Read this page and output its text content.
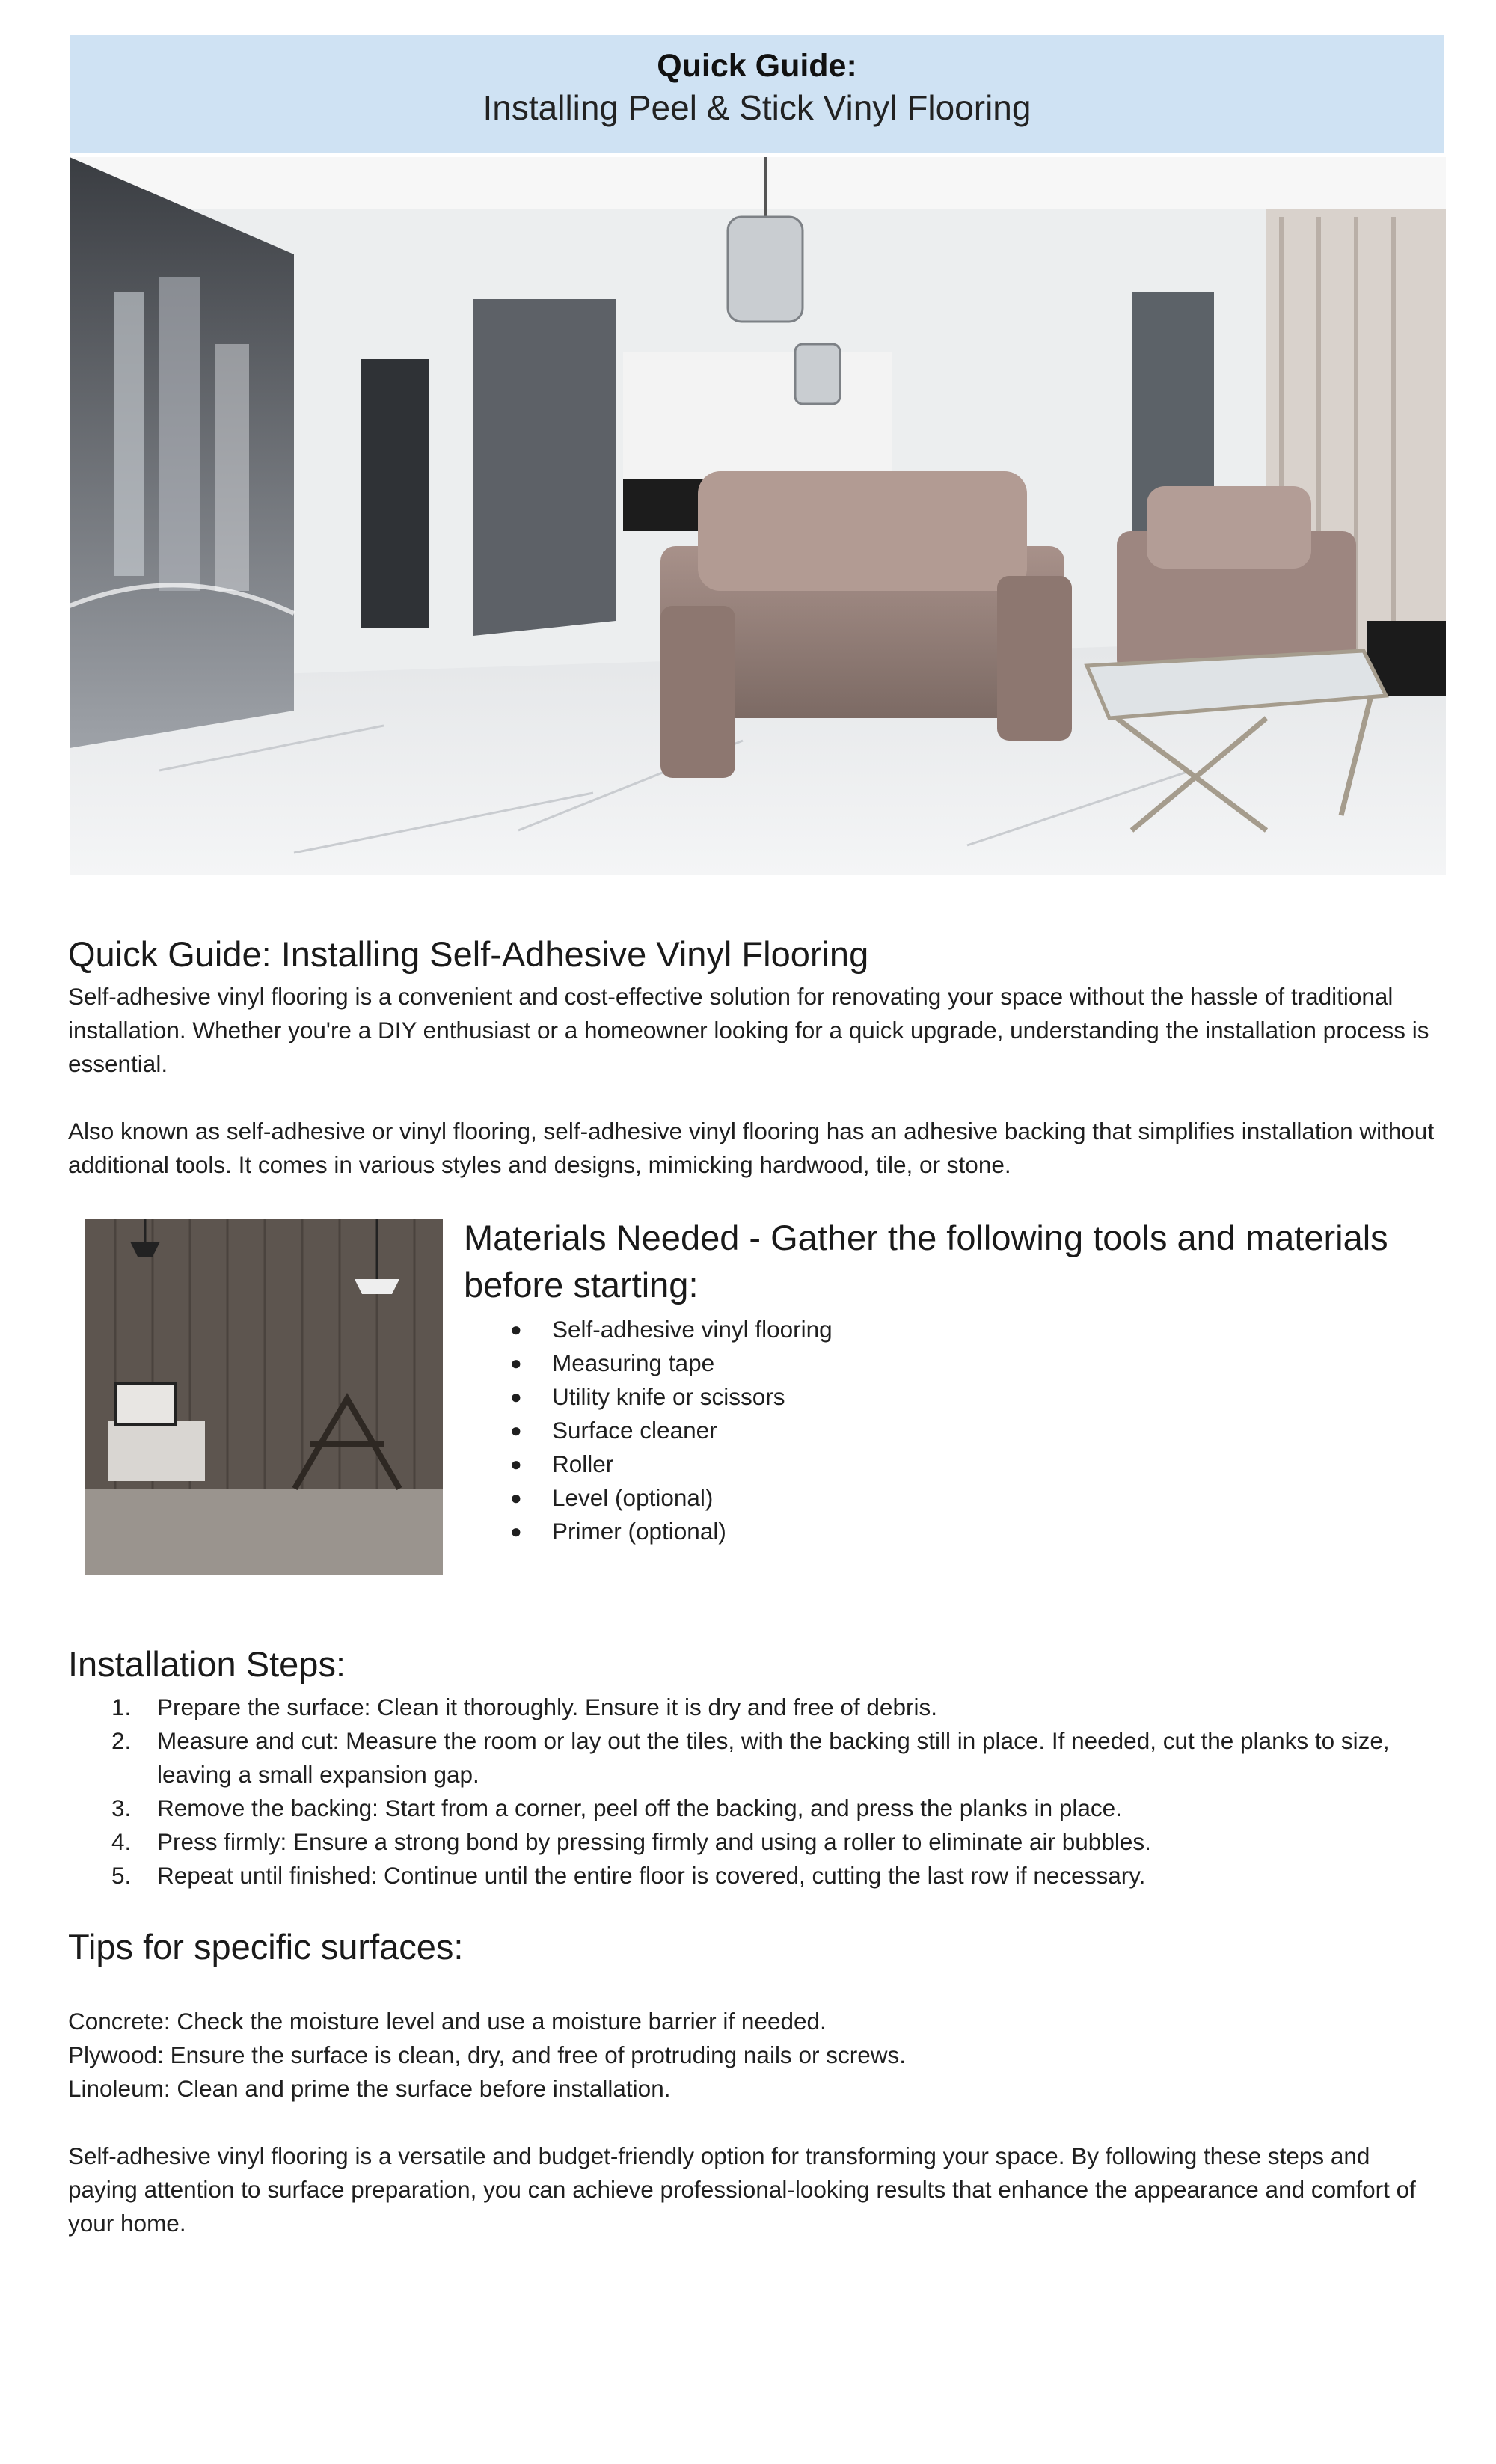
Quick Guide:
Installing Peel & Stick Vinyl Flooring
Quick Guide: Installing Self-Adhesive Vinyl Flooring

Self-adhesive vinyl flooring is a convenient and cost-effective solution for renovating your space without the hassle of traditional installation. Whether you're a DIY enthusiast or a homeowner looking for a quick upgrade, understanding the installation process is essential.

Also known as self-adhesive or vinyl flooring, self-adhesive vinyl flooring has an adhesive backing that simplifies installation without additional tools. It comes in various styles and designs, mimicking hardwood, tile, or stone.

Materials Needed - Gather the following tools and materials before starting:
● Self-adhesive vinyl flooring
● Measuring tape
● Utility knife or scissors
● Surface cleaner
● Roller
● Level (optional)
● Primer (optional)
Installation Steps:
1. Prepare the surface: Clean it thoroughly. Ensure it is dry and free of debris.
2. Measure and cut: Measure the room or lay out the tiles, with the backing still in place. If needed, cut the planks to size, leaving a small expansion gap.
3. Remove the backing: Start from a corner, peel off the backing, and press the planks in place.
4. Press firmly: Ensure a strong bond by pressing firmly and using a roller to eliminate air bubbles.
5. Repeat until finished: Continue until the entire floor is covered, cutting the last row if necessary.
Tips for specific surfaces:
Concrete: Check the moisture level and use a moisture barrier if needed.
Plywood: Ensure the surface is clean, dry, and free of protruding nails or screws.
Linoleum: Clean and prime the surface before installation.

Self-adhesive vinyl flooring is a versatile and budget-friendly option for transforming your space. By following these steps and paying attention to surface preparation, you can achieve professional-looking results that enhance the appearance and comfort of your home.
